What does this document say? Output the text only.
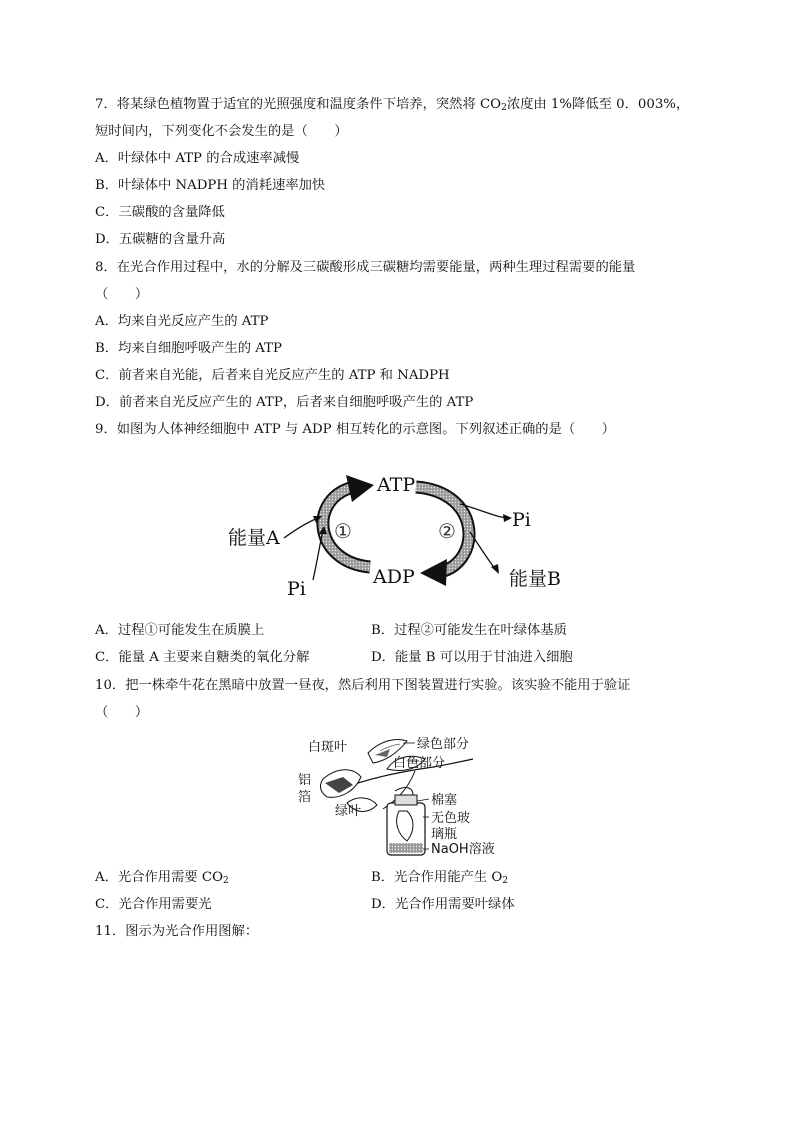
7．将某绿色植物置于适宜的光照强度和温度条件下培养，突然将 $CO_2$浓度由 1%降低至 0．003%，
短时间内，下列变化不会发生的是（　　）
A．叶绿体中 ATP 的合成速率减慢
B．叶绿体中 NADPH 的消耗速率加快
C．三碳酸的含量降低
D．五碳糖的含量升高
8．在光合作用过程中，水的分解及三碳酸形成三碳糖均需要能量，两种生理过程需要的能量
（　　）
A．均来自光反应产生的 ATP
B．均来自细胞呼吸产生的 ATP
C．前者来自光能，后者来自光反应产生的 ATP 和 NADPH
D．前者来自光反应产生的 ATP，后者来自细胞呼吸产生的 ATP
9．如图为人体神经细胞中 ATP 与 ADP 相互转化的示意图。下列叙述正确的是（　　）
ATP
ADP
Pi
Pi
能量A
能量B
①	②
A．过程①可能发生在质膜上	B．过程②可能发生在叶绿体基质
C．能量 A 主要来自糖类的氧化分解	D．能量 B 可以用于甘油进入细胞
10．把一株牵牛花在黑暗中放置一昼夜，然后利用下图装置进行实验。该实验不能用于验证
（　　）
白斑叶	绿色部分
白色部分
铝
箔
绿叶
棉塞
无色玻
璃瓶
NaOH溶液
A．光合作用需要 $CO_2$	B．光合作用能产生 $O_2$
C．光合作用需要光	D．光合作用需要叶绿体
11．图示为光合作用图解：
